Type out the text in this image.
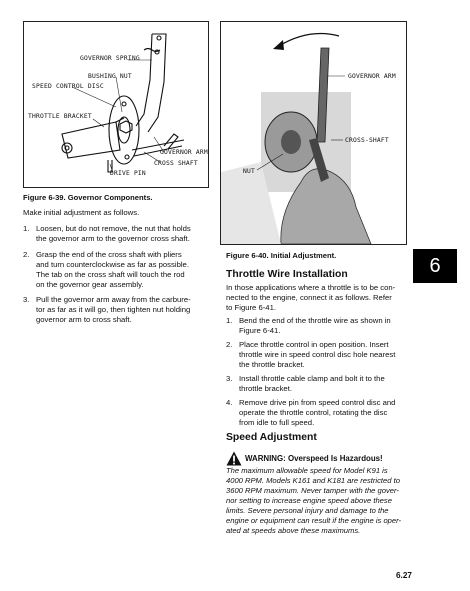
GOVERNOR SPRING
BUSHING NUT
SPEED CONTROL DISC
THROTTLE BRACKET
GOVERNOR ARM
CROSS SHAFT
DRIVE PIN
Figure 6-39. Governor Components.
GOVERNOR ARM
CROSS-SHAFT
NUT
Figure 6-40. Initial Adjustment.
Make initial adjustment as follows.
1. Loosen, but do not remove, the nut that holds
the governor arm to the governor cross shaft.
2. Grasp the end of the cross shaft with pliers
and turn counterclockwise as far as possible.
The tab on the cross shaft will touch the rod
on the governor gear assembly.
3. Pull the governor arm away from the carbure-
tor as far as it will go, then tighten nut holding
governor arm to cross shaft.
Throttle Wire Installation
In those applications where a throttle is to be con-
nected to the engine, connect it as follows. Refer
to Figure 6-41.
1. Bend the end of the throttle wire as shown in
Figure 6-41.
2. Place throttle control in open position. Insert
throttle wire in speed control disc hole nearest
the throttle bracket.
3. Install throttle cable clamp and bolt it to the
throttle bracket.
4. Remove drive pin from speed control disc and
operate the throttle control, rotating the disc
from idle to full speed.
Speed Adjustment
WARNING: Overspeed Is Hazardous!
The maximum allowable speed for Model K91 is
4000 RPM. Models K161 and K181 are restricted to
3600 RPM maximum. Never tamper with the gover-
nor setting to increase engine speed above these
limits. Severe personal injury and damage to the
engine or equipment can result if the engine is oper-
ated at speeds above these maximums.
6
6.27
